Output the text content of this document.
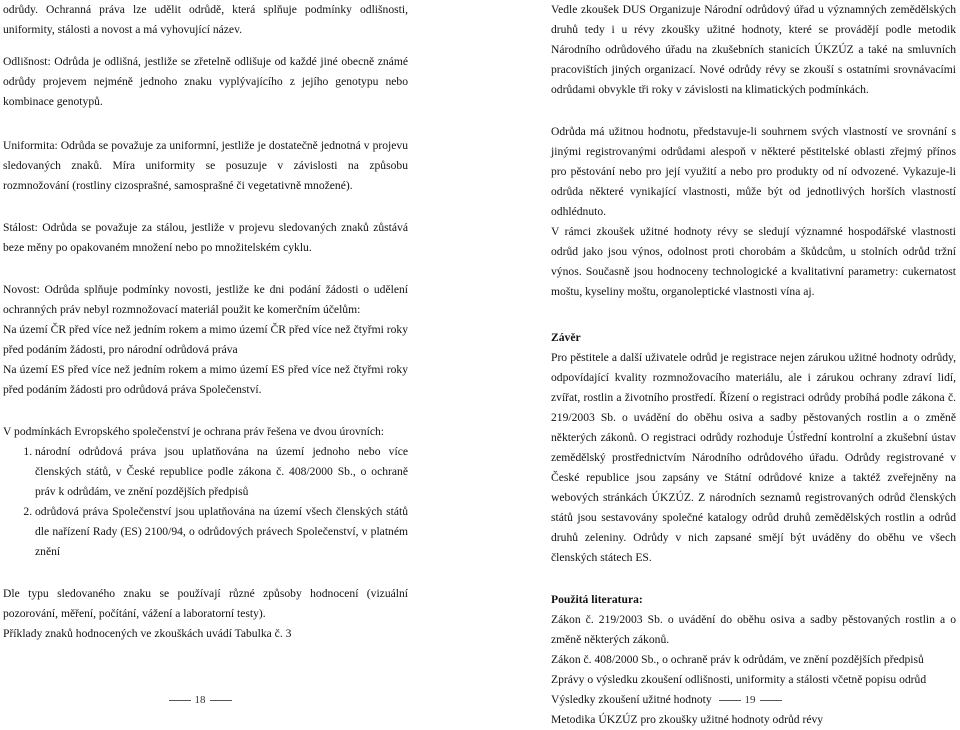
odrůdy. Ochranná práva lze udělit odrůdě, která splňuje podmínky odlišnosti, uniformity, stálosti a novost a má vyhovující název.

Odlišnost: Odrůda je odlišná, jestliže se zřetelně odlišuje od každé jiné obecně známé odrůdy projevem nejméně jednoho znaku vyplývajícího z jejího genotypu nebo kombinace genotypů.

Uniformita: Odrůda se považuje za uniformní, jestliže je dostatečně jednotná v projevu sledovaných znaků. Míra uniformity se posuzuje v závislosti na způsobu rozmnožování (rostliny cizosprašné, samosprašné či vegetativně množené).

Stálost: Odrůda se považuje za stálou, jestliže v projevu sledovaných znaků zůstává beze měny po opakovaném množení nebo po množitelském cyklu.

Novost: Odrůda splňuje podmínky novosti, jestliže ke dni podání žádosti o udělení ochranných práv nebyl rozmnožovací materiál použit ke komerčním účelům:

Na území ČR před více než jedním rokem a mimo území ČR před více než čtyřmi roky před podáním žádosti, pro národní odrůdová práva

Na území ES před více než jedním rokem a mimo území ES před více než čtyřmi roky před podáním žádosti pro odrůdová práva Společenství.

V podmínkách Evropského společenství je ochrana práv řešena ve dvou úrovních:

1. národní odrůdová práva jsou uplatňována na území jednoho nebo více členských států, v České republice podle zákona č. 408/2000 Sb., o ochraně práv k odrůdám, ve znění pozdějších předpisů
2. odrůdová práva Společenství jsou uplatňována na území všech členských států dle nařízení Rady (ES) 2100/94, o odrůdových právech Společenství, v platném znění

Dle typu sledovaného znaku se používají různé způsoby hodnocení (vizuální pozorování, měření, počítání, vážení a laboratorní testy).

Příklady znaků hodnocených ve zkouškách uvádí Tabulka č. 3

Vedle zkoušek DUS Organizuje Národní odrůdový úřad u významných zemědělských druhů tedy i u révy zkoušky užitné hodnoty, které se provádějí podle metodik Národního odrůdového úřadu na zkušebních stanicích ÚKZÚZ a také na smluvních pracovištích jiných organizací. Nové odrůdy révy se zkouší s ostatními srovnávacími odrůdami obvykle tři roky v závislosti na klimatických podmínkách.

Odrůda má užitnou hodnotu, představuje-li souhrnem svých vlastností ve srovnání s jinými registrovanými odrůdami alespoň v některé pěstitelské oblasti zřejmý přínos pro pěstování nebo pro její využití a nebo pro produkty od ní odvozené. Vykazuje-li odrůda některé vynikající vlastnosti, může být od jednotlivých horších vlastností odhlédnuto.

V rámci zkoušek užitné hodnoty révy se sledují významné hospodářské vlastnosti odrůd jako jsou výnos, odolnost proti chorobám a škůdcům, u stolních odrůd tržní výnos. Současně jsou hodnoceny technologické a kvalitativní parametry: cukernatost moštu, kyseliny moštu, organoleptické vlastnosti vína aj.

Závěr

Pro pěstitele a další uživatele odrůd je registrace nejen zárukou užitné hodnoty odrůdy, odpovídající kvality rozmnožovacího materiálu, ale i zárukou ochrany zdraví lidí, zvířat, rostlin a životního prostředí. Řízení o registraci odrůdy probíhá podle zákona č. 219/2003 Sb. o uvádění do oběhu osiva a sadby pěstovaných rostlin a o změně některých zákonů. O registraci odrůdy rozhoduje Ústřední kontrolní a zkušební ústav zemědělský prostřednictvím Národního odrůdového úřadu. Odrůdy registrované v České republice jsou zapsány ve Státní odrůdové knize a taktéž zveřejněny na webových stránkách ÚKZÚZ. Z národních seznamů registrovaných odrůd členských států jsou sestavovány společné katalogy odrůd druhů zemědělských rostlin a odrůd druhů zeleniny. Odrůdy v nich zapsané smějí být uváděny do oběhu ve všech členských státech ES.

Použitá literatura:

Zákon č. 219/2003 Sb. o uvádění do oběhu osiva a sadby pěstovaných rostlin a o změně některých zákonů.

Zákon č. 408/2000 Sb., o ochraně práv k odrůdám, ve znění pozdějších předpisů

Zprávy o výsledku zkoušení odlišnosti, uniformity a stálosti včetně popisu odrůd

Výsledky zkoušení užitné hodnoty

Metodika ÚKZÚZ pro zkoušky užitné hodnoty odrůd révy

18	19
